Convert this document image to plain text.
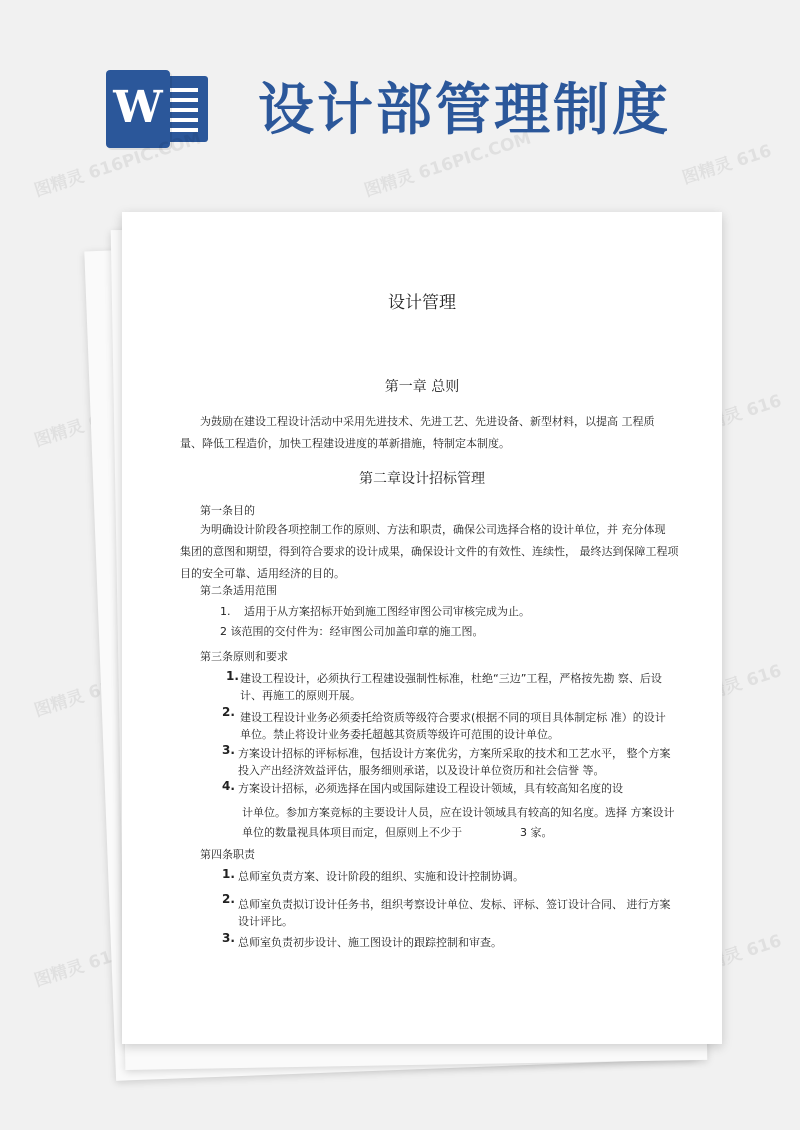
W 设计部管理制度
图精灵 616PIC.COM	图精灵 616PIC.COM	图精灵 616
图精灵	图精灵 616
图精灵	图精灵 616
图精灵	图精灵 616
设计管理
第一章 总则
为鼓励在建设工程设计活动中采用先进技术、先进工艺、先进设备、新型材料，以提高 工程质
量、降低工程造价，加快工程建设进度的革新措施，特制定本制度。
第二章设计招标管理
第一条目的
为明确设计阶段各项控制工作的原则、方法和职责，确保公司选择合格的设计单位，并 充分体现
集团的意图和期望，得到符合要求的设计成果，确保设计文件的有效性、连续性， 最终达到保障工程项
目的安全可靠、适用经济的目的。
第二条适用范围
1. 适用于从方案招标开始到施工图经审图公司审核完成为止。
2 该范围的交付件为：经审图公司加盖印章的施工图。
第三条原则和要求
1. 建设工程设计，必须执行工程建设强制性标准，杜绝“三边”工程，严格按先勘 察、后设
计、再施工的原则开展。
2. 建设工程设计业务必须委托给资质等级符合要求(根据不同的项目具体制定标 准）的设计
单位。禁止将设计业务委托超越其资质等级许可范围的设计单位。
3. 方案设计招标的评标标准，包括设计方案优劣，方案所采取的技术和工艺水平， 整个方案
投入产出经济效益评估，服务细则承诺，以及设计单位资历和社会信誉 等。
4. 方案设计招标，必须选择在国内或国际建设工程设计领域，具有较高知名度的设
计单位。参加方案竞标的主要设计人员，应在设计领域具有较高的知名度。选择 方案设计
单位的数量视具体项目而定，但原则上不少于	3 家。
第四条职责
1. 总师室负责方案、设计阶段的组织、实施和设计控制协调。
2. 总师室负责拟订设计任务书，组织考察设计单位、发标、评标、签订设计合同、 进行方案
设计评比。
3. 总师室负责初步设计、施工图设计的跟踪控制和审查。
